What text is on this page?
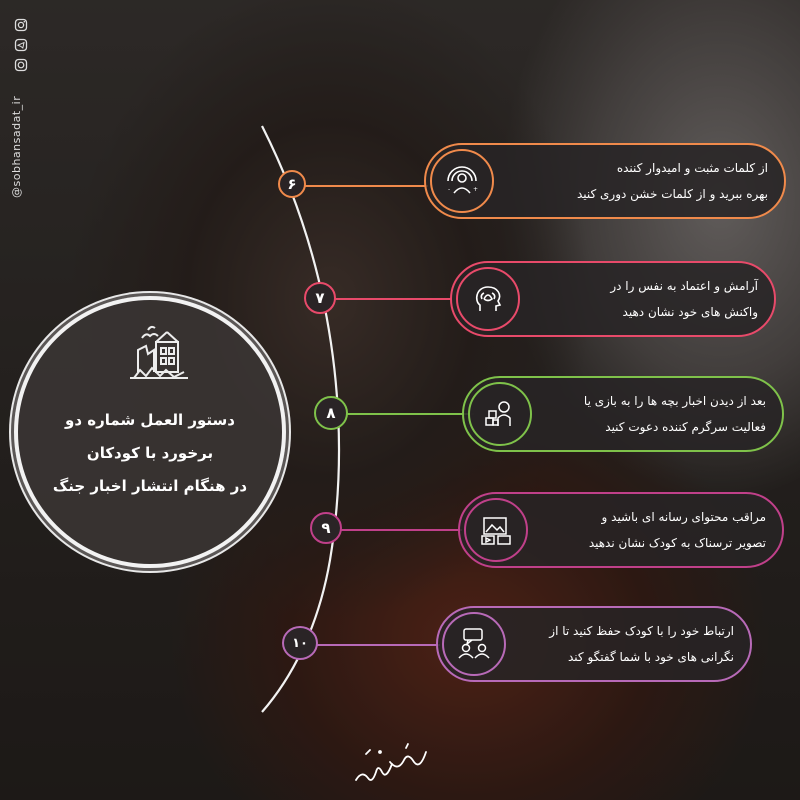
@sobhansadat_ir
دستور العمل شماره دو
برخورد با کودکان
در هنگام انتشار اخبار جنگ
۶	-	+
از کلمات مثبت و امیدوار کننده
بهره ببرید و از کلمات خشن دوری کنید
۷
آرامش و اعتماد به نفس را در
واکنش های خود نشان دهید
۸
بعد از دیدن اخبار بچه ها را به بازی یا
فعالیت سرگرم کننده دعوت کنید
۹
مراقب محتوای رسانه ای باشید و
تصویر ترسناک به کودک نشان ندهید
۱۰
ارتباط خود را با کودک حفظ کنید تا از
نگرانی های خود با شما گفتگو کند
